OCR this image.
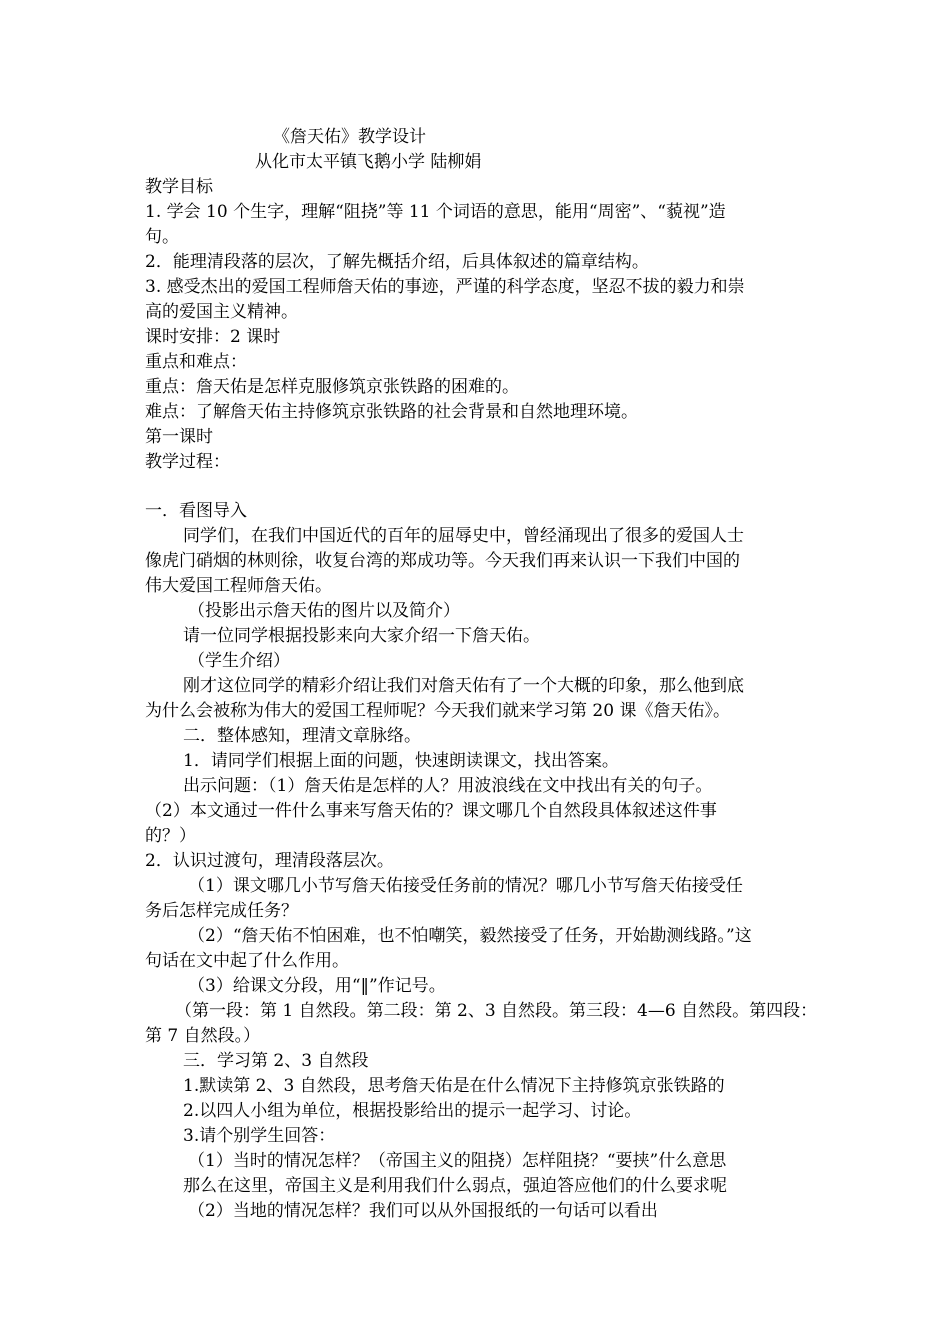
《詹天佑》教学设计
从化市太平镇飞鹅小学 陆柳娟
教学目标
1. 学会 10 个生字，理解“阻挠”等 11 个词语的意思，能用“周密”、“藐视”造
句。
2．能理清段落的层次，了解先概括介绍，后具体叙述的篇章结构。
3. 感受杰出的爱国工程师詹天佑的事迹，严谨的科学态度，坚忍不拔的毅力和崇
高的爱国主义精神。
课时安排：2 课时
重点和难点：
重点：詹天佑是怎样克服修筑京张铁路的困难的。
难点：了解詹天佑主持修筑京张铁路的社会背景和自然地理环境。
第一课时
教学过程：
一．看图导入
同学们，在我们中国近代的百年的屈辱史中，曾经涌现出了很多的爱国人士
像虎门硝烟的林则徐，收复台湾的郑成功等。今天我们再来认识一下我们中国的
伟大爱国工程师詹天佑。
（投影出示詹天佑的图片以及简介）
请一位同学根据投影来向大家介绍一下詹天佑。
（学生介绍）
刚才这位同学的精彩介绍让我们对詹天佑有了一个大概的印象，那么他到底
为什么会被称为伟大的爱国工程师呢？今天我们就来学习第 20 课《詹天佑》。
二．整体感知，理清文章脉络。
1．请同学们根据上面的问题，快速朗读课文，找出答案。
出示问题：（1）詹天佑是怎样的人？用波浪线在文中找出有关的句子。
（2）本文通过一件什么事来写詹天佑的？课文哪几个自然段具体叙述这件事
的？）
2．认识过渡句，理清段落层次。
（1）课文哪几小节写詹天佑接受任务前的情况？哪几小节写詹天佑接受任
务后怎样完成任务？
（2）“詹天佑不怕困难，也不怕嘲笑，毅然接受了任务，开始勘测线路。”这
句话在文中起了什么作用。
（3）给课文分段，用“‖”作记号。
（第一段：第 1 自然段。第二段：第 2、3 自然段。第三段：4—6 自然段。第四段：
第 7 自然段。）
三．学习第 2、3 自然段
1.默读第 2、3 自然段，思考詹天佑是在什么情况下主持修筑京张铁路的
2.以四人小组为单位，根据投影给出的提示一起学习、讨论。
3.请个别学生回答：
（1）当时的情况怎样？（帝国主义的阻挠）怎样阻挠？“要挟”什么意思
那么在这里，帝国主义是利用我们什么弱点，强迫答应他们的什么要求呢
（2）当地的情况怎样？我们可以从外国报纸的一句话可以看出
